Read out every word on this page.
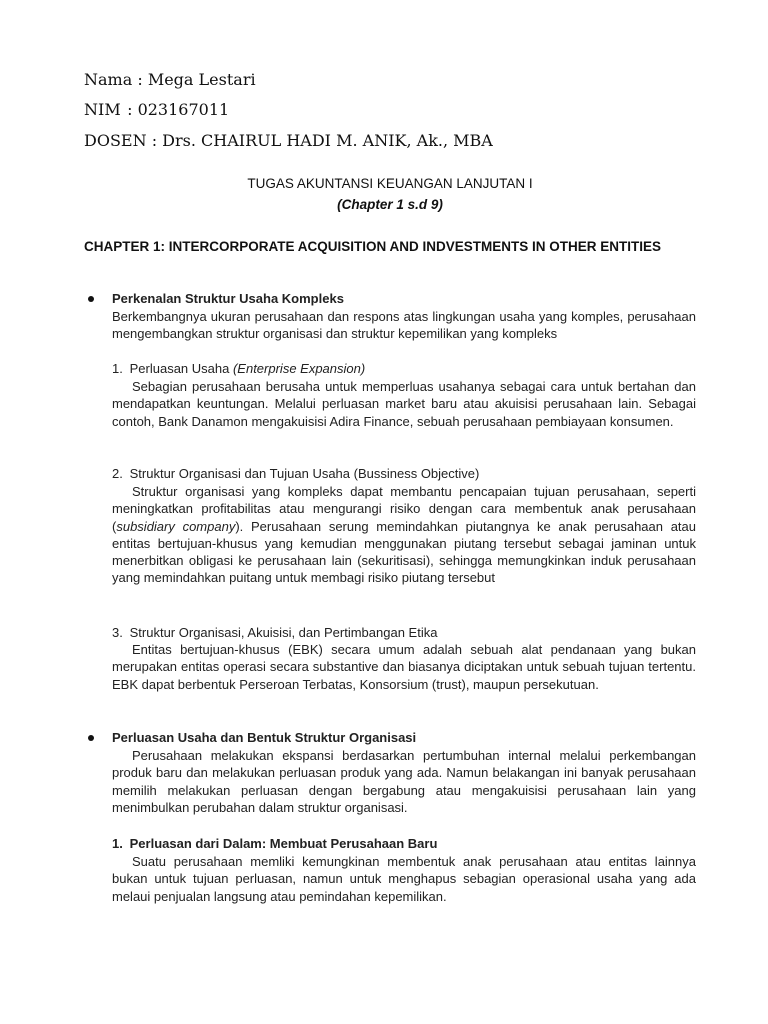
Nama : Mega Lestari
NIM : 023167011
DOSEN : Drs. CHAIRUL HADI M. ANIK, Ak., MBA
TUGAS AKUNTANSI KEUANGAN LANJUTAN I
(Chapter 1 s.d 9)
CHAPTER 1: INTERCORPORATE ACQUISITION AND INDVESTMENTS IN OTHER ENTITIES
Perkenalan Struktur Usaha Kompleks
Berkembangnya ukuran perusahaan dan respons atas lingkungan usaha yang komples, perusahaan mengembangkan struktur organisasi dan struktur kepemilikan yang kompleks
1. Perluasan Usaha (Enterprise Expansion)
Sebagian perusahaan berusaha untuk memperluas usahanya sebagai cara untuk bertahan dan mendapatkan keuntungan. Melalui perluasan market baru atau akuisisi perusahaan lain. Sebagai contoh, Bank Danamon mengakuisisi Adira Finance, sebuah perusahaan pembiayaan konsumen.
2. Struktur Organisasi dan Tujuan Usaha (Bussiness Objective)
Struktur organisasi yang kompleks dapat membantu pencapaian tujuan perusahaan, seperti meningkatkan profitabilitas atau mengurangi risiko dengan cara membentuk anak perusahaan (subsidiary company). Perusahaan serung memindahkan piutangnya ke anak perusahaan atau entitas bertujuan-khusus yang kemudian menggunakan piutang tersebut sebagai jaminan untuk menerbitkan obligasi ke perusahaan lain (sekuritisasi), sehingga memungkinkan induk perusahaan yang memindahkan puitang untuk membagi risiko piutang tersebut
3. Struktur Organisasi, Akuisisi, dan Pertimbangan Etika
Entitas bertujuan-khusus (EBK) secara umum adalah sebuah alat pendanaan yang bukan merupakan entitas operasi secara substantive dan biasanya diciptakan untuk sebuah tujuan tertentu. EBK dapat berbentuk Perseroan Terbatas, Konsorsium (trust), maupun persekutuan.
Perluasan Usaha dan Bentuk Struktur Organisasi
Perusahaan melakukan ekspansi berdasarkan pertumbuhan internal melalui perkembangan produk baru dan melakukan perluasan produk yang ada. Namun belakangan ini banyak perusahaan memilih melakukan perluasan dengan bergabung atau mengakuisisi perusahaan lain yang menimbulkan perubahan dalam struktur organisasi.
1. Perluasan dari Dalam: Membuat Perusahaan Baru
Suatu perusahaan memliki kemungkinan membentuk anak perusahaan atau entitas lainnya bukan untuk tujuan perluasan, namun untuk menghapus sebagian operasional usaha yang ada melaui penjualan langsung atau pemindahan kepemilikan.
